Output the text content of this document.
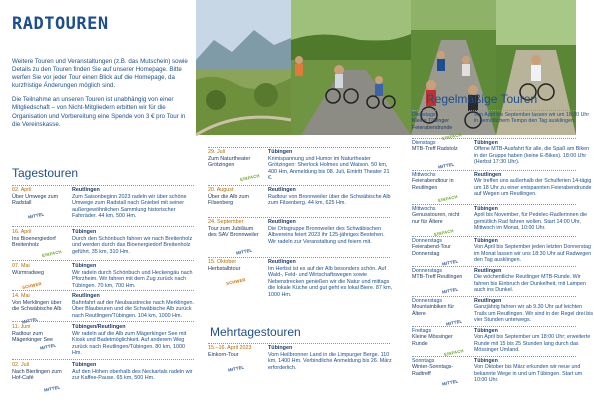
RADTOUREN

Weitere Touren und Veranstaltungen (z.B. das Mutscheln) sowie Details zu den Touren finden Sie auf unserer Homepage. Bitte werfen Sie vor jeder Tour einen Blick auf die Homepage, da kurzfristige Änderungen möglich sind.

Die Teilnahme an unseren Touren ist unabhängig von einer Mitgliedschaft – von Nicht-Mitgliedern erbitten wir für die Organisation und Vorbereitung eine Spende von 3 € pro Tour in die Vereinskasse.

Tagestouren
02. April
Über Umwege zum Radstall
Reutlingen
Zum Saisonbeginn 2023 radeln wir über schöne Umwege zum Radstall nach Gniebel mit seiner außergewöhnlichen Sammlung historischer Fahrräder. 44 km, 500 Hm.
MITTEL
16. April
Ins Bioenergiedorf Breitenholz
Tübingen
Durch den Schönbuch fahren wir nach Breitenholz und werden durch das Bioenergiedorf Breitenholz geführt. 35 km, 310 Hm.
EINFACH
07. Mai
Würmradweg
Tübingen
Wir radeln durch Schönbuch und Heckengäu nach Pforzheim. Wir fahren mit dem Zug zurück nach Tübingen. 70 km, 700 Hm.
SCHWER
14. Mai
Von Merklingen über die Schwäbische Alb
Reutlingen
Bahnfahrt auf der Neubaustrecke nach Merklingen. Über Blaubeuren und die Schwäbische Alb zurück nach Reutlingen/Tübingen. 104 km, 1000 Hm.
MITTEL
11. Juni
Radtour zum Mägerkinger See
Tübingen/Reutlingen
Wir radeln auf die Alb zum Mägerkinger See mit Kiosk und Badetmöglichkeit. Auf anderem Weg zurück nach Reutlingen/Tübingen. 80 km, 1000 Hm.
MITTEL
02. Juli
Nach Bierlingen zum Hof-Café
Tübingen
Auf den Höhen oberhalb des Neckartals radeln wir zur Kaffee-Pause. 65 km, 500 Hm.
MITTEL
29. Juli
Zum Naturtheater Grötzingen
Tübingen
Krimispannung und Humor im Naturtheater Grötzingen: Sherlock Holmes und Watson. 50 km, 400 Hm, Anmeldung bis 08. Juli, Eintritt Theater 21 €.
EINFACH
20. August
Über die Alb zum Filsenberg
Reutlingen
Radtour von Bronnweiler über die Schwäbische Alb zum Filsenberg. 44 km, 625 Hm.
24. September
Tour zum Jubiläum des SAV Bronnweiler
Reutlingen
Die Ortsgruppe Bronnweiler des Schwäbischen Albvereins feiert 2023 ihr 125-jähriges Bestehen. Wir radeln zur Veranstaltung und feiern mit.
MITTEL
15. Oktober
Herbstalbtour
Reutlingen
Im Herbst ist es auf der Alb besonders schön. Auf Wald-, Feld- und Wirtschaftswegen sowie Nebenstrecken genießen wir die Natur und mittags die lokale Küche und gut geht es lokal Biere. 87 km, 1000 Hm.
SCHWER
Mehrtagestouren
15.–16. April 2023
Einkorn-Tour
Tübingen
Vom Heilbronner Land in die Limpurger Berge. 110 km, 1400 Hm. Verbindliche Anmeldung bis 26. März erforderlich.
MITTEL
Regelmäßige Touren
Dienstags
Kleine Tübinger Feierabendrunde
Von April bis September lassen wir um 18:30 Uhr in gemütlichem Tempo den Tag ausklingen.
EINFACH
Dienstags
MTB-Treff Radstolz
Tübingen
Offene MTB-Ausfahrt für alle, die Spaß am Biken in der Gruppe haben (keine E-Bikes). 18:00 Uhr (Herbst 17:30 Uhr).
MITTEL
Mittwochs
Feierabendtour in Reutlingen
Reutlingen
Wir treffen uns außerhalb der Schulferien 14-tägig um 18 Uhr zu einer entspannten Feierabendrunde auf Wegen um Reutlingen.
EINFACH
Mittwochs
Genusstouren, nicht nur für Ältere
Tübingen
April bis November, für Pedelec-Radlerinnen die gemütlich Rad fahren wollen. Start 14:00 Uhr, Mittwoch im Monat, 10:00 Uhr.
EINFACH
Donnerstags
Feierabend-Tour Donnerstag
Tübingen
Von April bis September jeden letzten Donnerstag im Monat lassen wir uns 18:30 Uhr auf Radwegen den Tag ausklingen.
MITTEL
Donnerstags
MTB-Treff Reutlingen
Reutlingen
Die wöchentliche Reutlinger MTB-Runde. Wir fahren bis Einbruch der Dunkelheit, mit Lampen auch ins Dunkel.
MITTEL
Donnerstags
Mountainbiken für Ältere
Reutlingen
Ganzjährig fahren wir ab 9.30 Uhr auf leichten Trails um Reutlingen. Wir sind in der Regel drei bis vier Stunden unterwegs.
MITTEL
Freitags
Kleine Mössinger Runde
Tübingen
Von April bis September um 18:00 Uhr; erweiterte Runde mit 15 bis 25 Stunden lang durch das Mössinger Umland.
EINFACH
Sonntags
Winter-Sonntags-Radtreff
Tübingen
Von Oktober bis März erkunden wir neue und bekannte Wege in und um Tübingen. Start um 10:00 Uhr.
MITTEL
